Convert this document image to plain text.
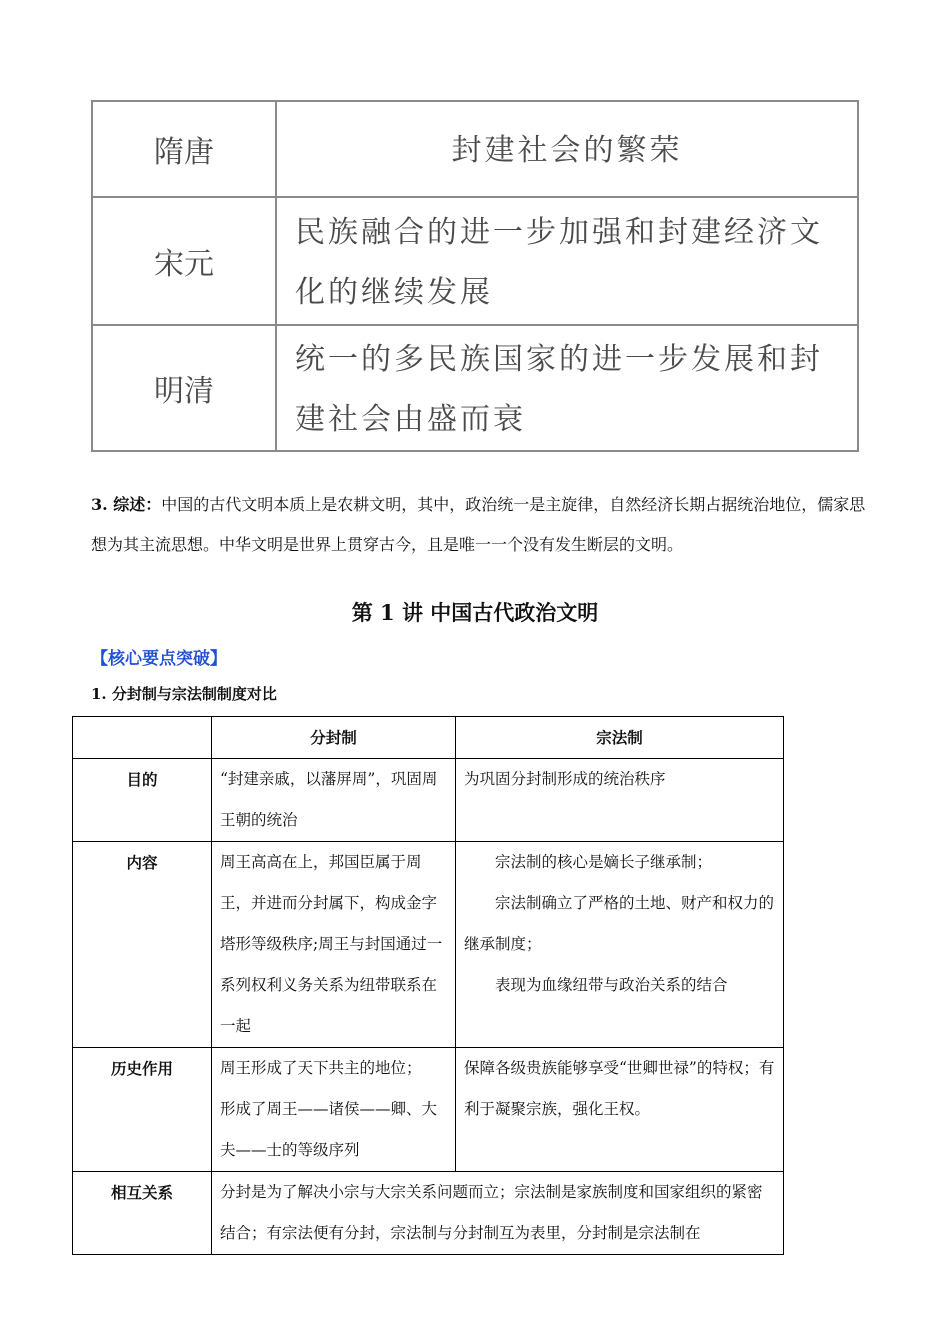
隋唐	封建社会的繁荣
宋元	民族融合的进一步加强和封建经济文化的继续发展
明清	统一的多民族国家的进一步发展和封建社会由盛而衰
3. 综述：中国的古代文明本质上是农耕文明，其中，政治统一是主旋律，自然经济长期占据统治地位，儒家思想为其主流思想。中华文明是世界上贯穿古今，且是唯一一个没有发生断层的文明。
第 1 讲 中国古代政治文明
【核心要点突破】
1. 分封制与宗法制制度对比
	分封制	宗法制
目的	“封建亲戚，以藩屏周”，巩固周王朝的统治	为巩固分封制形成的统治秩序
内容	周王高高在上，邦国臣属于周王，并进而分封属下，构成金字塔形等级秩序;周王与封国通过一系列权利义务关系为纽带联系在一起	宗法制的核心是嫡长子继承制；

宗法制确立了严格的土地、财产和权力的继承制度；

表现为血缘纽带与政治关系的结合

历史作用	周王形成了天下共主的地位；

形成了周王——诸侯——卿、大夫——士的等级序列	保障各级贵族能够享受“世卿世禄”的特权；有利于凝聚宗族，强化王权。
相互关系	分封是为了解决小宗与大宗关系问题而立；宗法制是家族制度和国家组织的紧密结合；有宗法便有分封，宗法制与分封制互为表里，分封制是宗法制在	
